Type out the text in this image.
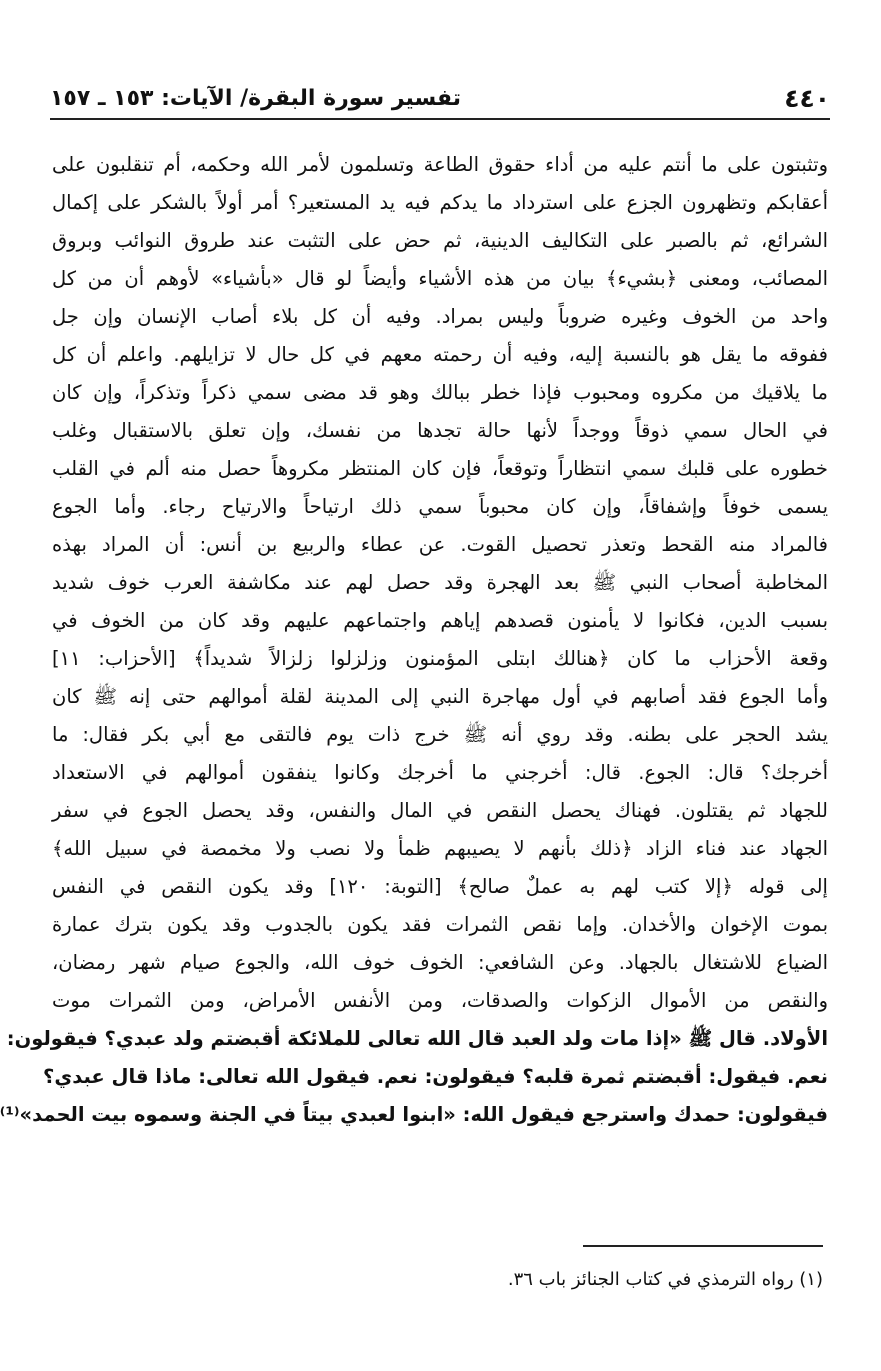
٤٤٠
تفسير سورة البقرة/ الآيات: ١٥٣ ـ ١٥٧
وتثبتون على ما أنتم عليه من أداء حقوق الطاعة وتسلمون لأمر الله وحكمه، أم تنقلبون على
أعقابكم وتظهرون الجزع على استرداد ما يدكم فيه يد المستعير؟ أمر أولاً بالشكر على إكمال
الشرائع، ثم بالصبر على التكاليف الدينية، ثم حض على التثبت عند طروق النوائب وبروق
المصائب، ومعنى ﴿بشيء﴾ بيان من هذه الأشياء وأيضاً لو قال «بأشياء» لأوهم أن من كل
واحد من الخوف وغيره ضروباً وليس بمراد. وفيه أن كل بلاء أصاب الإنسان وإن جل
ففوقه ما يقل هو بالنسبة إليه، وفيه أن رحمته معهم في كل حال لا تزايلهم. واعلم أن كل
ما يلاقيك من مكروه ومحبوب فإذا خطر ببالك وهو قد مضى سمي ذكراً وتذكراً، وإن كان
في الحال سمي ذوقاً ووجداً لأنها حالة تجدها من نفسك، وإن تعلق بالاستقبال وغلب
خطوره على قلبك سمي انتظاراً وتوقعاً، فإن كان المنتظر مكروهاً حصل منه ألم في القلب
يسمى خوفاً وإشفاقاً، وإن كان محبوباً سمي ذلك ارتياحاً والارتياح رجاء. وأما الجوع
فالمراد منه القحط وتعذر تحصيل القوت. عن عطاء والربيع بن أنس: أن المراد بهذه
المخاطبة أصحاب النبي ﷺ بعد الهجرة وقد حصل لهم عند مكاشفة العرب خوف شديد
بسبب الدين، فكانوا لا يأمنون قصدهم إياهم واجتماعهم عليهم وقد كان من الخوف في
وقعة الأحزاب ما كان ﴿هنالك ابتلى المؤمنون وزلزلوا زلزالاً شديداً﴾ [الأحزاب: ١١]
وأما الجوع فقد أصابهم في أول مهاجرة النبي إلى المدينة لقلة أموالهم حتى إنه ﷺ كان
يشد الحجر على بطنه. وقد روي أنه ﷺ خرج ذات يوم فالتقى مع أبي بكر فقال: ما
أخرجك؟ قال: الجوع. قال: أخرجني ما أخرجك وكانوا ينفقون أموالهم في الاستعداد
للجهاد ثم يقتلون. فهناك يحصل النقص في المال والنفس، وقد يحصل الجوع في سفر
الجهاد عند فناء الزاد ﴿ذلك بأنهم لا يصيبهم ظمأ ولا نصب ولا مخمصة في سبيل الله﴾
إلى قوله ﴿إلا كتب لهم به عملٌ صالح﴾ [التوبة: ١٢٠] وقد يكون النقص في النفس
بموت الإخوان والأخدان. وإما نقص الثمرات فقد يكون بالجدوب وقد يكون بترك عمارة
الضياع للاشتغال بالجهاد. وعن الشافعي: الخوف خوف الله، والجوع صيام شهر رمضان،
والنقص من الأموال الزكوات والصدقات، ومن الأنفس الأمراض، ومن الثمرات موت
الأولاد. قال ﷺ «إذا مات ولد العبد قال الله تعالى للملائكة أقبضتم ولد عبدي؟ فيقولون:
نعم. فيقول: أقبضتم ثمرة قلبه؟ فيقولون: نعم. فيقول الله تعالى: ماذا قال عبدي؟
فيقولون: حمدك واسترجع فيقول الله: «ابنوا لعبدي بيتاً في الجنة وسموه بيت الحمد»⁽¹⁾
(١) رواه الترمذي في كتاب الجنائز باب ٣٦.
